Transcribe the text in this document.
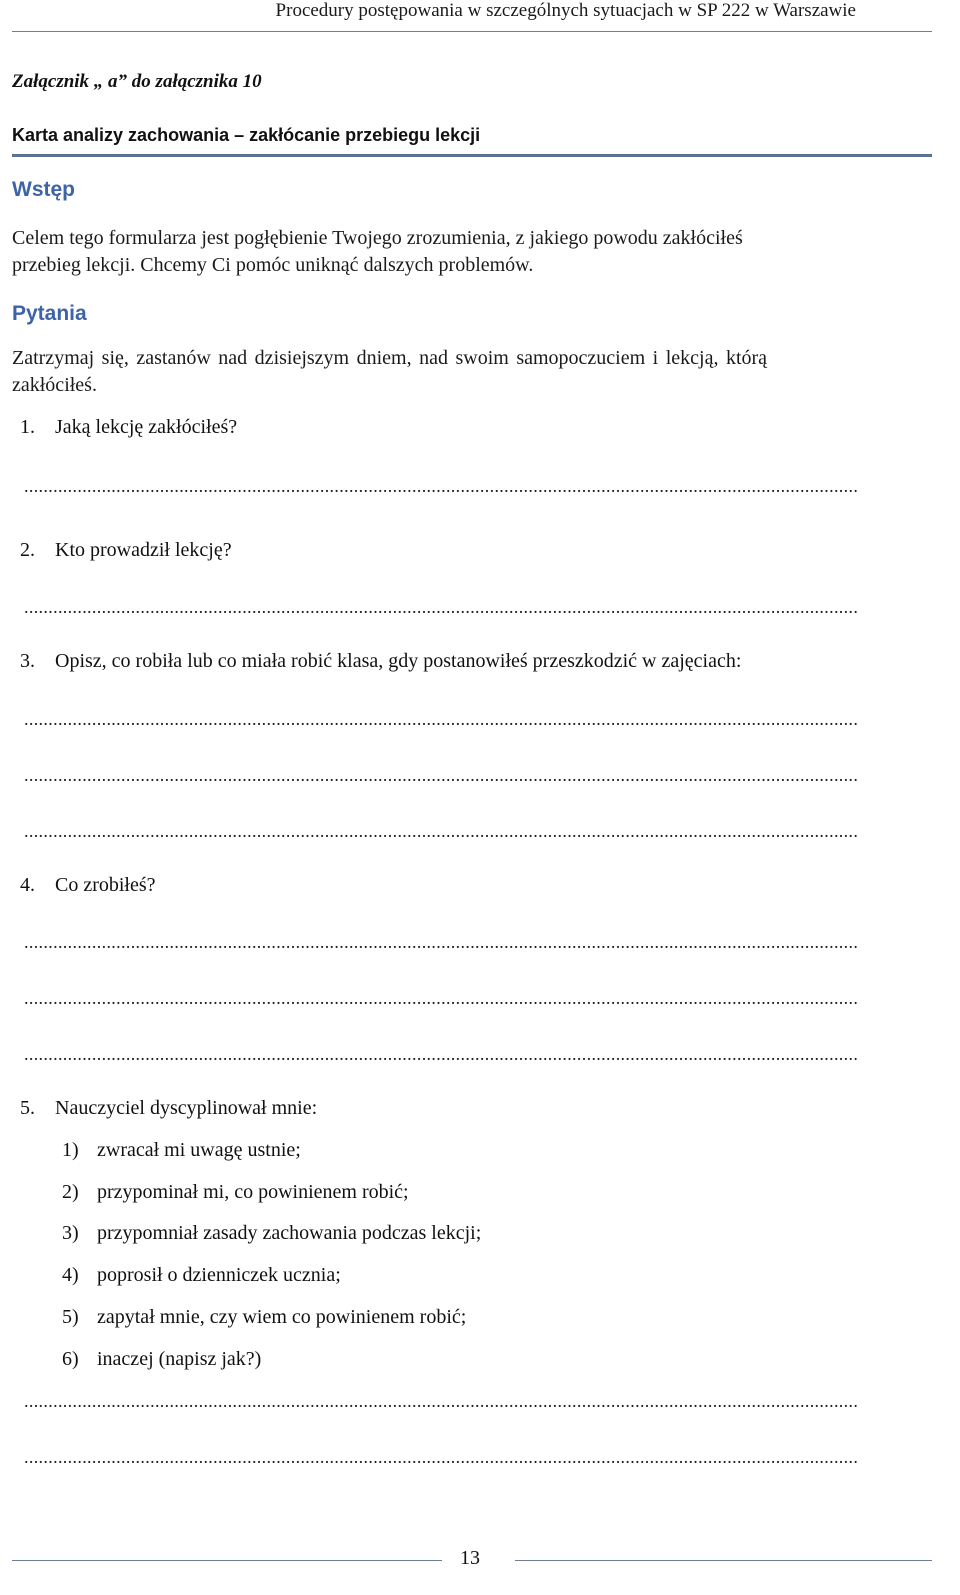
Procedury postępowania w szczególnych sytuacjach w SP 222 w Warszawie
Załącznik „ a” do załącznika 10
Karta analizy zachowania – zakłócanie przebiegu lekcji
Wstęp
Celem tego formularza jest pogłębienie Twojego zrozumienia, z jakiego powodu zakłóciłeś
przebieg lekcji. Chcemy Ci pomóc uniknąć dalszych problemów.
Pytania
Zatrzymaj się, zastanów nad dzisiejszym dniem, nad swoim samopoczuciem i lekcją, którą
zakłóciłeś.
1. Jaką lekcję zakłóciłeś?
............................................................................................................................................................................
2. Kto prowadził lekcję?
............................................................................................................................................................................
3. Opisz, co robiła lub co miała robić klasa, gdy postanowiłeś przeszkodzić w zajęciach:
............................................................................................................................................................................
............................................................................................................................................................................
............................................................................................................................................................................
4. Co zrobiłeś?
............................................................................................................................................................................
............................................................................................................................................................................
............................................................................................................................................................................
5. Nauczyciel dyscyplinował mnie:
1) zwracał mi uwagę ustnie;
2) przypominał mi, co powinienem robić;
3) przypomniał zasady zachowania podczas lekcji;
4) poprosił o dzienniczek ucznia;
5) zapytał mnie, czy wiem co powinienem robić;
6) inaczej (napisz jak?)
............................................................................................................................................................................
............................................................................................................................................................................
13
